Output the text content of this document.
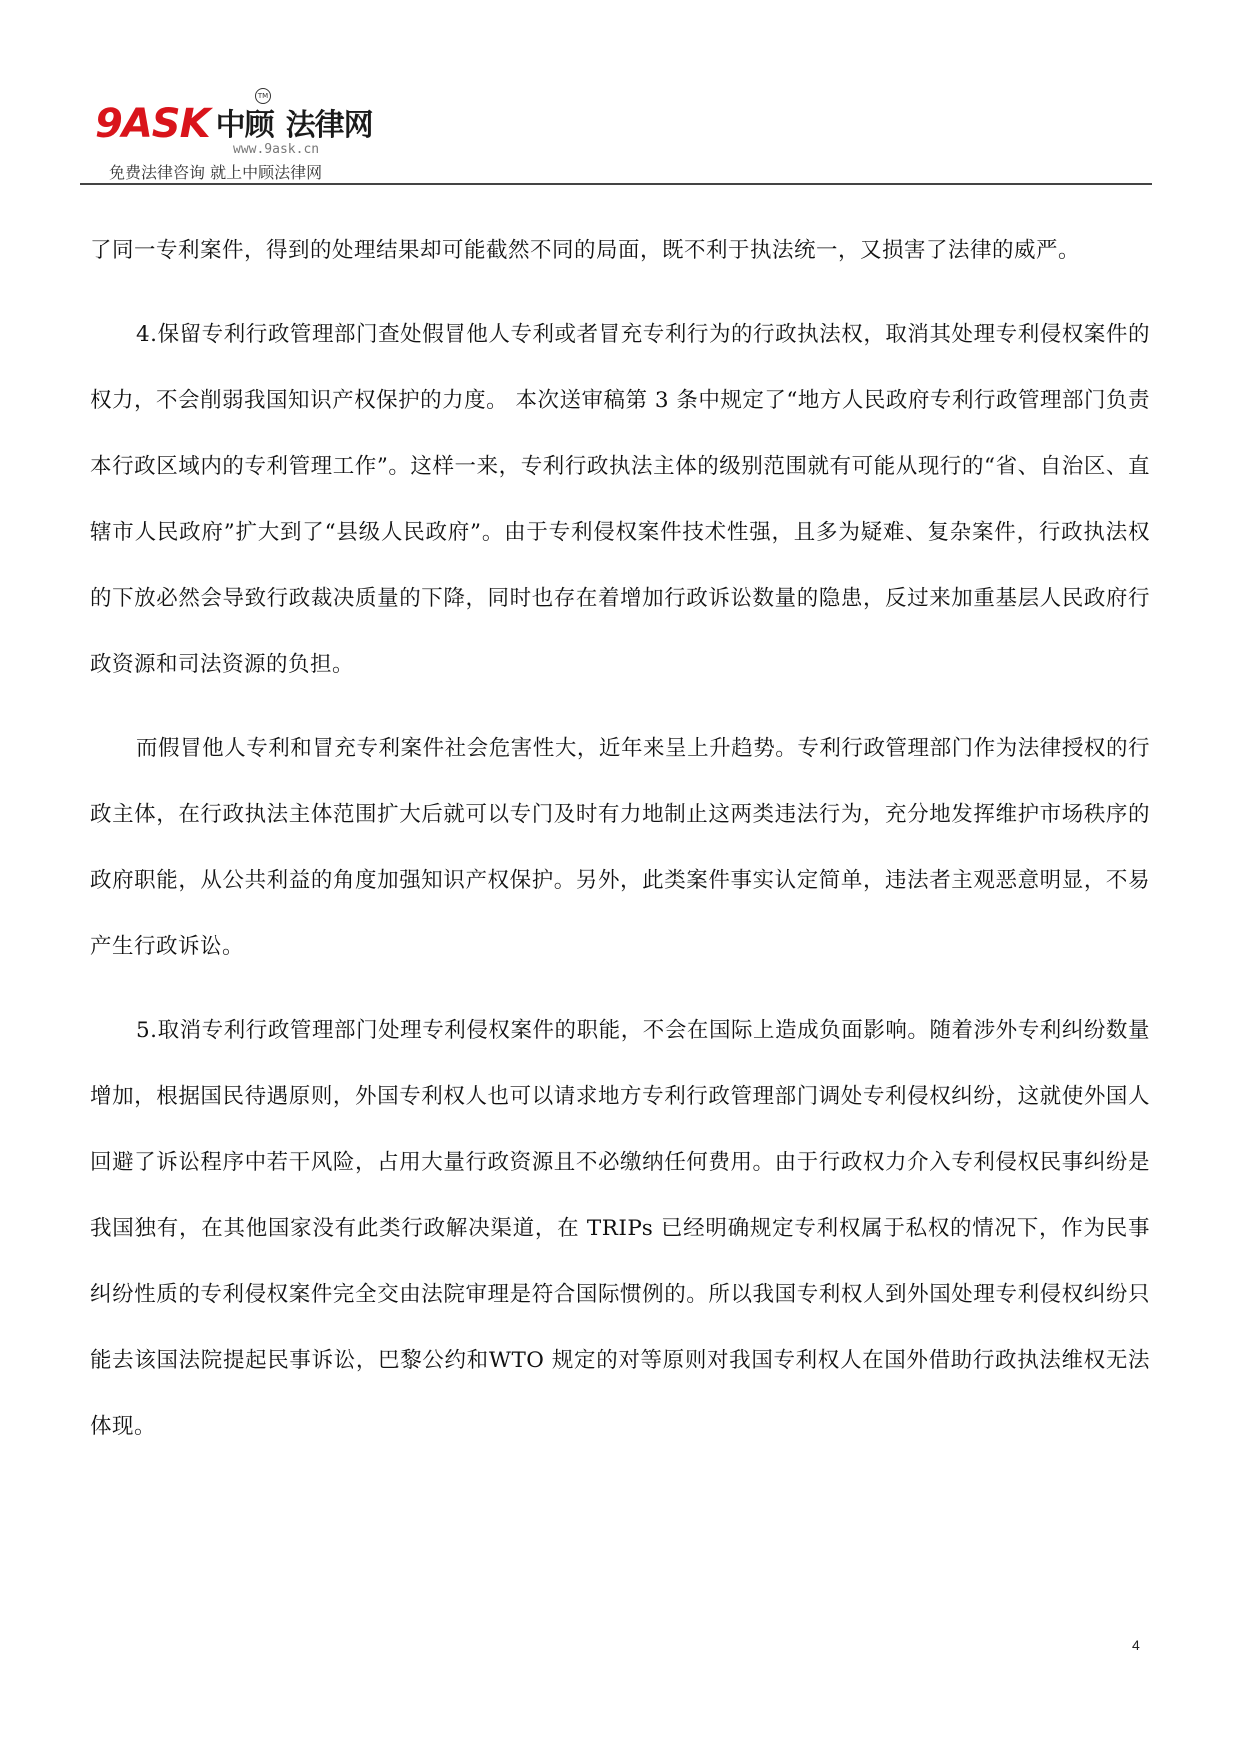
9ASK 中顾 法律网
TM
www.9ask.cn
免费法律咨询 就上中顾法律网

了同一专利案件，得到的处理结果却可能截然不同的局面，既不利于执法统一，又损害了法律的威严。

4.保留专利行政管理部门查处假冒他人专利或者冒充专利行为的行政执法权，取消其处理专利侵权案件的权力，不会削弱我国知识产权保护的力度。 本次送审稿第 3 条中规定了“地方人民政府专利行政管理部门负责本行政区域内的专利管理工作”。这样一来，专利行政执法主体的级别范围就有可能从现行的“省、自治区、直辖市人民政府”扩大到了“县级人民政府”。由于专利侵权案件技术性强，且多为疑难、复杂案件，行政执法权的下放必然会导致行政裁决质量的下降，同时也存在着增加行政诉讼数量的隐患，反过来加重基层人民政府行政资源和司法资源的负担。

而假冒他人专利和冒充专利案件社会危害性大，近年来呈上升趋势。专利行政管理部门作为法律授权的行政主体，在行政执法主体范围扩大后就可以专门及时有力地制止这两类违法行为，充分地发挥维护市场秩序的政府职能，从公共利益的角度加强知识产权保护。另外，此类案件事实认定简单，违法者主观恶意明显，不易产生行政诉讼。

5.取消专利行政管理部门处理专利侵权案件的职能，不会在国际上造成负面影响。随着涉外专利纠纷数量增加，根据国民待遇原则，外国专利权人也可以请求地方专利行政管理部门调处专利侵权纠纷，这就使外国人回避了诉讼程序中若干风险，占用大量行政资源且不必缴纳任何费用。由于行政权力介入专利侵权民事纠纷是我国独有，在其他国家没有此类行政解决渠道，在 TRIPs 已经明确规定专利权属于私权的情况下，作为民事纠纷性质的专利侵权案件完全交由法院审理是符合国际惯例的。所以我国专利权人到外国处理专利侵权纠纷只能去该国法院提起民事诉讼，巴黎公约和WTO 规定的对等原则对我国专利权人在国外借助行政执法维权无法体现。

4
